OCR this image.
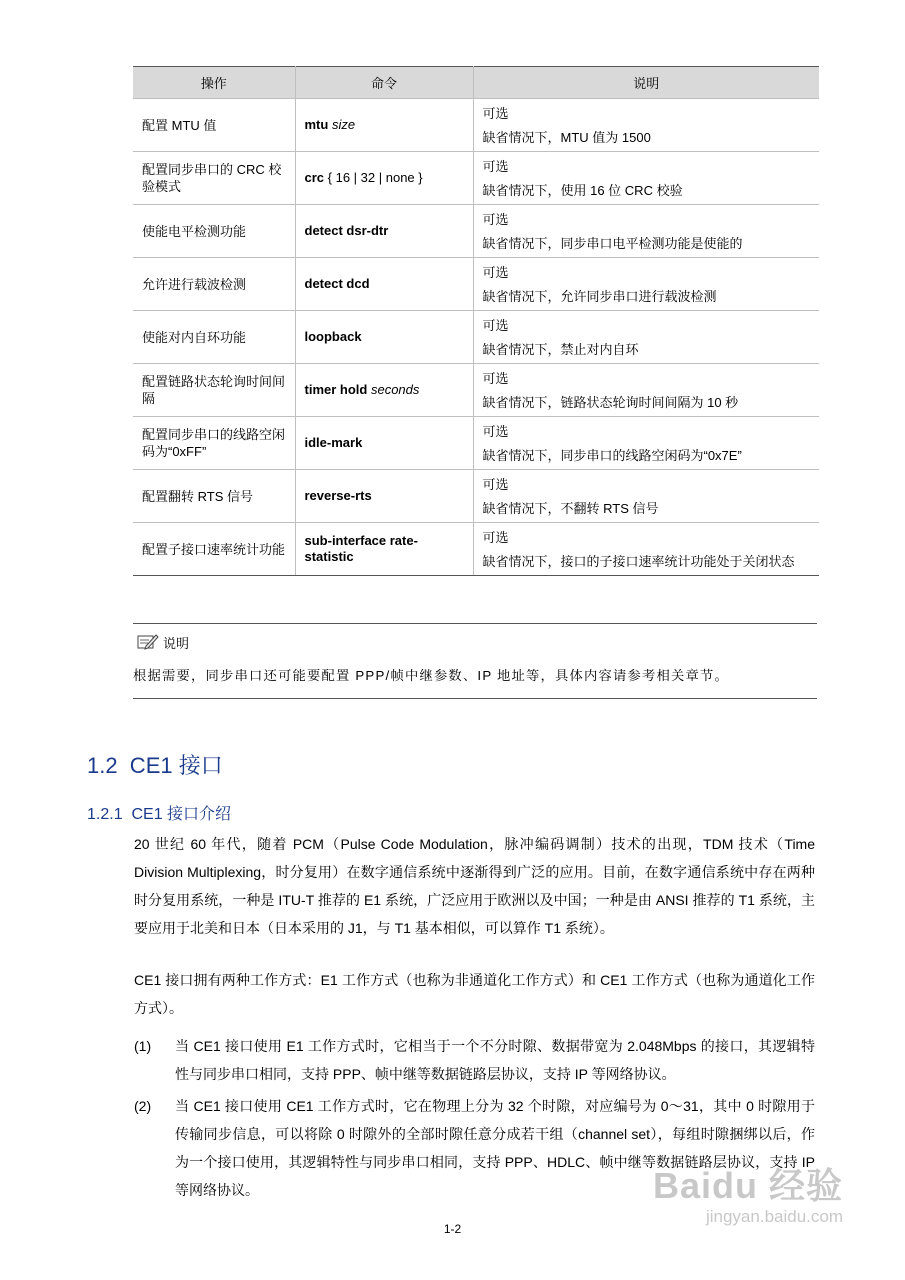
操作	命令	说明
配置 MTU 值	mtu size	可选
缺省情况下，MTU 值为 1500

配置同步串口的 CRC 校验模式	crc { 16 | 32 | none }	可选
缺省情况下，使用 16 位 CRC 校验

使能电平检测功能	detect dsr-dtr	可选
缺省情况下，同步串口电平检测功能是使能的

允许进行载波检测	detect dcd	可选
缺省情况下，允许同步串口进行载波检测

使能对内自环功能	loopback	可选
缺省情况下，禁止对内自环

配置链路状态轮询时间间隔	timer hold seconds	可选
缺省情况下，链路状态轮询时间间隔为 10 秒

配置同步串口的线路空闲码为“0xFF”	idle-mark	可选
缺省情况下，同步串口的线路空闲码为“0x7E”

配置翻转 RTS 信号	reverse-rts	可选
缺省情况下，不翻转 RTS 信号

配置子接口速率统计功能	sub-interface rate-statistic	可选
缺省情况下，接口的子接口速率统计功能处于关闭状态
说明
根据需要，同步串口还可能要配置 PPP/帧中继参数、IP 地址等，具体内容请参考相关章节。
1.2  CE1 接口
1.2.1  CE1 接口介绍
20 世纪 60 年代，随着 PCM（Pulse Code Modulation，脉冲编码调制）技术的出现，TDM 技术（Time Division Multiplexing，时分复用）在数字通信系统中逐渐得到广泛的应用。目前，在数字通信系统中存在两种时分复用系统，一种是 ITU-T 推荐的 E1 系统，广泛应用于欧洲以及中国；一种是由 ANSI 推荐的 T1 系统，主要应用于北美和日本（日本采用的 J1，与 T1 基本相似，可以算作 T1 系统）。
CE1 接口拥有两种工作方式：E1 工作方式（也称为非通道化工作方式）和 CE1 工作方式（也称为通道化工作方式）。
(1) 当 CE1 接口使用 E1 工作方式时，它相当于一个不分时隙、数据带宽为 2.048Mbps 的接口，其逻辑特性与同步串口相同，支持 PPP、帧中继等数据链路层协议，支持 IP 等网络协议。
(2) 当 CE1 接口使用 CE1 工作方式时，它在物理上分为 32 个时隙，对应编号为 0～31，其中 0 时隙用于传输同步信息，可以将除 0 时隙外的全部时隙任意分成若干组（channel set），每组时隙捆绑以后，作为一个接口使用，其逻辑特性与同步串口相同，支持 PPP、HDLC、帧中继等数据链路层协议，支持 IP 等网络协议。
1-2
Baidu 经验
jingyan.baidu.com
